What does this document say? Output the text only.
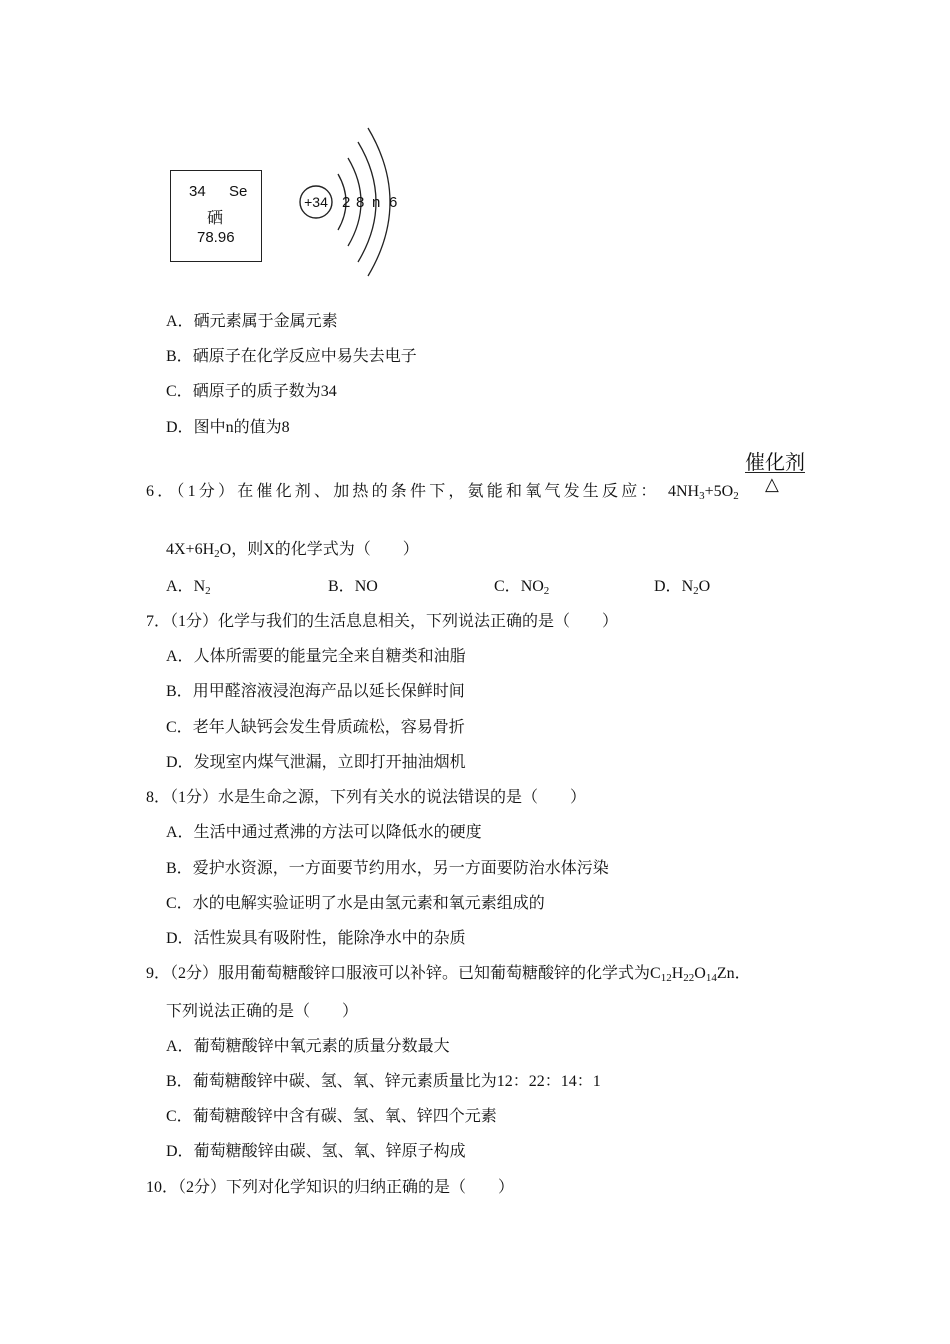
34 Se
硒
78.96
+34 2 8 n 6
A．硒元素属于金属元素
B．硒原子在化学反应中易失去电子
C．硒原子的质子数为34
D．图中n的值为8
6．（1分）在催化剂、加热的条件下，氨能和氧气发生反应： $4NH_3+5O_2$
催化剂
△
$4X+6H_2O$，则X的化学式为（　　）
A．$N_2$	B．NO	C．$NO_2$	D．$N_2O$
7．（1分）化学与我们的生活息息相关，下列说法正确的是（　　）
A．人体所需要的能量完全来自糖类和油脂
B．用甲醛溶液浸泡海产品以延长保鲜时间
C．老年人缺钙会发生骨质疏松，容易骨折
D．发现室内煤气泄漏，立即打开抽油烟机
8．（1分）水是生命之源，下列有关水的说法错误的是（　　）
A．生活中通过煮沸的方法可以降低水的硬度
B．爱护水资源，一方面要节约用水，另一方面要防治水体污染
C．水的电解实验证明了水是由氢元素和氧元素组成的
D．活性炭具有吸附性，能除净水中的杂质
9．（2分）服用葡萄糖酸锌口服液可以补锌。已知葡萄糖酸锌的化学式为$C_{12}H_{22}O_{14}Zn$．
下列说法正确的是（　　）
A．葡萄糖酸锌中氧元素的质量分数最大
B．葡萄糖酸锌中碳、氢、氧、锌元素质量比为12：22：14：1
C．葡萄糖酸锌中含有碳、氢、氧、锌四个元素
D．葡萄糖酸锌由碳、氢、氧、锌原子构成
10．（2分）下列对化学知识的归纳正确的是（　　）
